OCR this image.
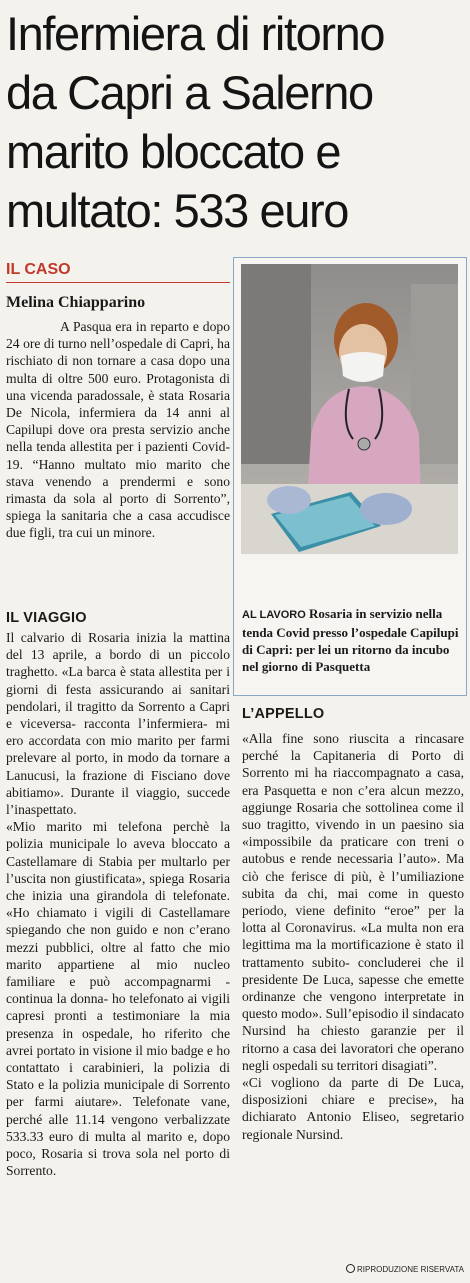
Infermiera di ritorno
da Capri a Salerno
marito bloccato e
multato: 533 euro
IL CASO
Melina Chiapparino

A Pasqua era in reparto e dopo 24 ore di turno nell’ospedale di Capri, ha rischiato di non tornare a casa dopo una multa di oltre 500 euro. Protagonista di una vicenda paradossale, è stata Rosaria De Nicola, infermiera da 14 anni al Capilupi dove ora presta servizio anche nella tenda allestita per i pazienti Covid-19. “Hanno multato mio marito che stava venendo a prendermi e sono rimasta da sola al porto di Sorrento”, spiega la sanitaria che a casa accudisce due figli, tra cui un minore.

IL VIAGGIO

Il calvario di Rosaria inizia la mattina del 13 aprile, a bordo di un piccolo traghetto. «La barca è stata allestita per i giorni di festa assicurando ai sanitari pendolari, il tragitto da Sorrento a Capri e viceversa- racconta l’infermiera- mi ero accordata con mio marito per farmi prelevare al porto, in modo da tornare a Lanucusi, la frazione di Fisciano dove abitiamo». Durante il viaggio, succede l’inaspettato.

«Mio marito mi telefona perchè la polizia municipale lo aveva bloccato a Castellamare di Stabia per multarlo per l’uscita non giustificata», spiega Rosaria che inizia una girandola di telefonate. «Ho chiamato i vigili di Castellamare spiegando che non guido e non c’erano mezzi pubblici, oltre al fatto che mio marito appartiene al mio nucleo familiare e può accompagnarmi - continua la donna- ho telefonato ai vigili capresi pronti a testimoniare la mia presenza in ospedale, ho riferito che avrei portato in visione il mio badge e ho contattato i carabinieri, la polizia di Stato e la polizia municipale di Sorrento per farmi aiutare». Telefonate vane, perché alle 11.14 vengono verbalizzate 533.33 euro di multa al marito e, dopo poco, Rosaria si trova sola nel porto di Sorrento.

AL LAVORO Rosaria in servizio nella tenda Covid presso l’ospedale Capilupi di Capri: per lei un ritorno da incubo nel giorno di Pasquetta
L’APPELLO

«Alla fine sono riuscita a rincasare perché la Capitaneria di Porto di Sorrento mi ha riaccompagnato a casa, era Pasquetta e non c’era alcun mezzo, aggiunge Rosaria che sottolinea come il suo tragitto, vivendo in un paesino sia «impossibile da praticare con treni o autobus e rende necessaria l’auto». Ma ciò che ferisce di più, è l’umiliazione subita da chi, mai come in questo periodo, viene definito “eroe” per la lotta al Coronavirus. «La multa non era legittima ma la mortificazione è stato il trattamento subito- concluderei che il presidente De Luca, sapesse che emette ordinanze che vengono interpretate in questo modo». Sull’episodio il sindacato Nursind ha chiesto garanzie per il ritorno a casa dei lavoratori che operano negli ospedali su territori disagiati”.

«Ci vogliono da parte di De Luca, disposizioni chiare e precise», ha dichiarato Antonio Eliseo, segretario regionale Nursind.

RIPRODUZIONE RISERVATA
